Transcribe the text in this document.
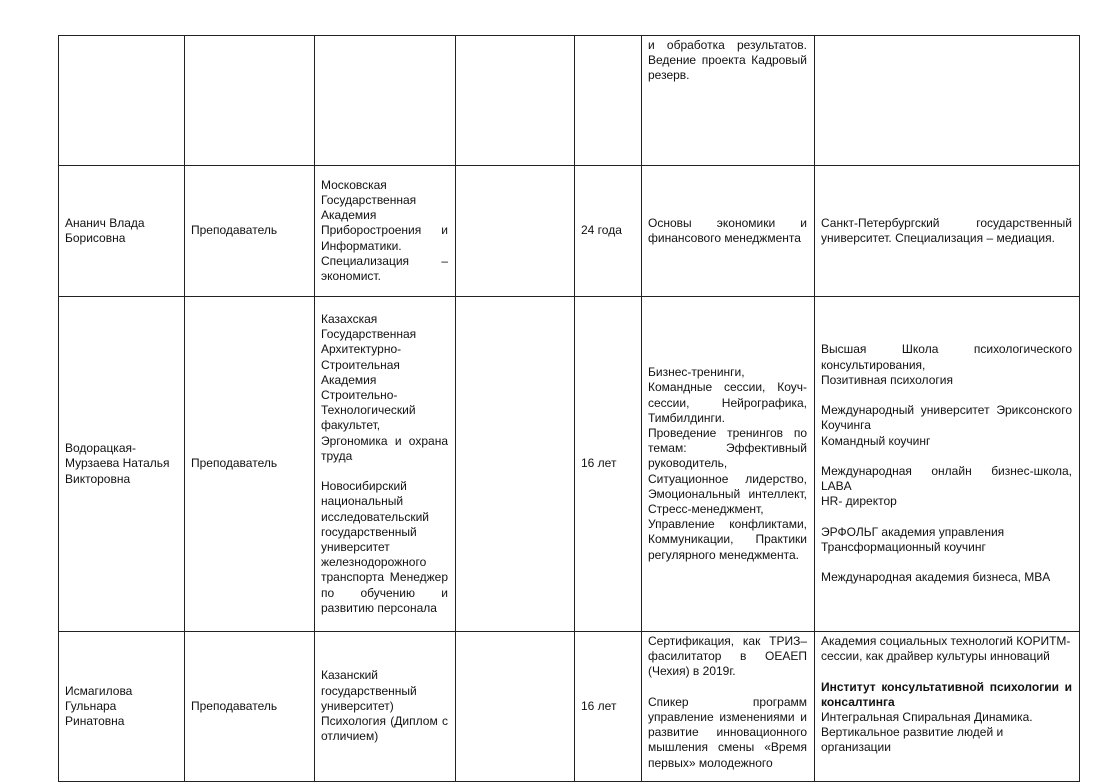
и обработка результатов. Ведение проекта Кадровый резерв.

Ананич Влада Борисовна

Преподаватель

Московская Государственная Академия Приборостроения и Информатики. Специализация – экономист.

24 года

Основы экономики и финансового менеджмента

Санкт-Петербургский государственный университет. Специализация – медиация.

Водорацкая-Мурзаева Наталья Викторовна

Преподаватель

Казахская Государственная Архитектурно-Строительная Академия Строительно-Технологический факультет, Эргономика и охрана труда

Новосибирский национальный исследовательский государственный университет железнодорожного транспорта Менеджер по обучению и развитию персонала

16 лет

Бизнес-тренинги, Командные сессии, Коуч-сессии, Нейрографика, Тимбилдинги.

Проведение тренингов по темам: Эффективный руководитель, Ситуационное лидерство, Эмоциональный интеллект, Стресс-менеджмент, Управление конфликтами, Коммуникации, Практики регулярного менеджмента.

Высшая Школа психологического консультирования,

Позитивная психология

Международный университет Эриксонского Коучинга

Командный коучинг

Международная онлайн бизнес-школа, LABA

HR- директор

ЭРФОЛЬГ академия управления

Трансформационный коучинг

Международная академия бизнеса, MBA

Исмагилова Гульнара Ринатовна

Преподаватель

Казанский государственный университет) Психология (Диплом с отличием)

16 лет

Сертификация, как ТРИЗ–фасилитатор в ОЕАЕП (Чехия) в 2019г.

Спикер программ управление изменениями и развитие инновационного мышления смены «Время первых» молодежного

Академия социальных технологий КОРИТМ-сессии, как драйвер культуры инноваций

Институт консультативной психологии и консалтинга

Интегральная Спиральная Динамика. Вертикальное развитие людей и организации
